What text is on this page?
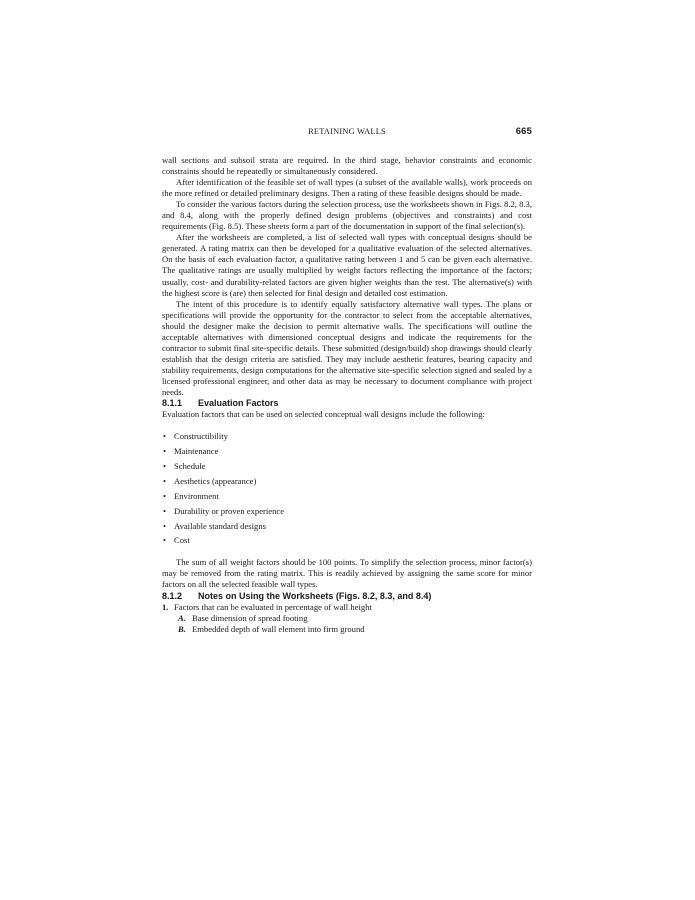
RETAINING WALLS	665

wall sections and subsoil strata are required. In the third stage, behavior constraints and economic constraints should be repeatedly or simultaneously considered.

After identification of the feasible set of wall types (a subset of the available walls), work proceeds on the more refined or detailed preliminary designs. Then a rating of these feasible designs should be made.

To consider the various factors during the selection process, use the worksheets shown in Figs. 8.2, 8.3, and 8.4, along with the properly defined design problems (objectives and constraints) and cost requirements (Fig. 8.5). These sheets form a part of the documentation in support of the final selection(s).

After the worksheets are completed, a list of selected wall types with conceptual designs should be generated. A rating matrix can then be developed for a qualitative evaluation of the selected alternatives. On the basis of each evaluation factor, a qualitative rating between 1 and 5 can be given each alternative. The qualitative ratings are usually multiplied by weight factors reflecting the importance of the factors; usually, cost- and durability-related factors are given higher weights than the rest. The alternative(s) with the highest score is (are) then selected for final design and detailed cost estimation.

The intent of this procedure is to identify equally satisfactory alternative wall types. The plans or specifications will provide the opportunity for the contractor to select from the acceptable alternatives, should the designer make the decision to permit alternative walls. The specifications will outline the acceptable alternatives with dimensioned conceptual designs and indicate the requirements for the contractor to submit final site-specific details. These submitted (design/build) shop drawings should clearly establish that the design criteria are satisfied. They may include aesthetic features, bearing capacity and stability requirements, design computations for the alternative site-specific selection signed and sealed by a licensed professional engineer, and other data as may be necessary to document compliance with project needs.

8.1.1 Evaluation Factors

Evaluation factors that can be used on selected conceptual wall designs include the following:

• Constructibility
• Maintenance
• Schedule
• Aesthetics (appearance)
• Environment
• Durability or proven experience
• Available standard designs
• Cost

The sum of all weight factors should be 100 points. To simplify the selection process, minor factor(s) may be removed from the rating matrix. This is readily achieved by assigning the same score for minor factors on all the selected feasible wall types.

8.1.2 Notes on Using the Worksheets (Figs. 8.2, 8.3, and 8.4)
1. Factors that can be evaluated in percentage of wall height
A. Base dimension of spread footing
B. Embedded depth of wall element into firm ground
